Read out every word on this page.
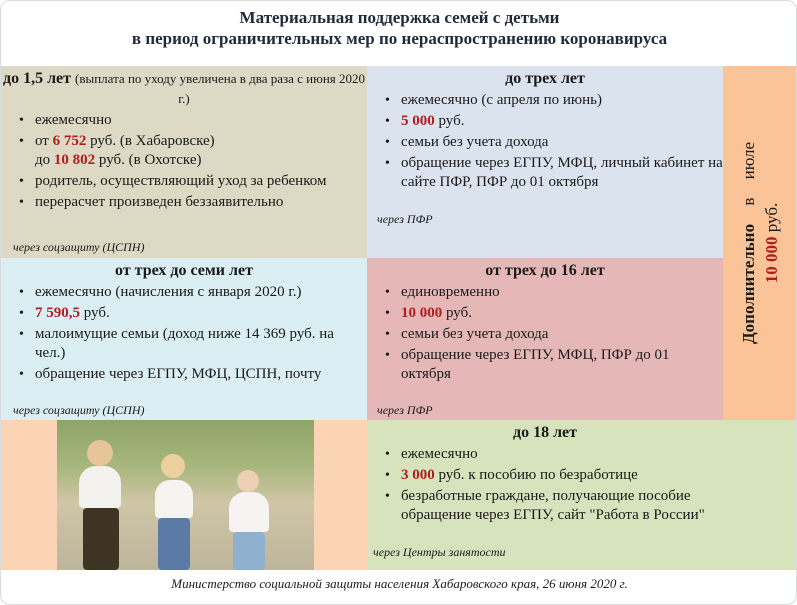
Материальная поддержка семей с детьми
в период ограничительных мер по нераспространению коронавируса
до 1,5 лет (выплата по уходу увеличена в два раза с июня 2020 г.)
• ежемесячно
• от 6 752 руб. (в Хабаровске)
до 10 802 руб. (в Охотске)
• родитель, осуществляющий уход за ребенком
• перерасчет произведен беззаявительно
через соцзащиту (ЦСПН)
до трех лет
• ежемесячно (с апреля по июнь)
• 5 000 руб.
• семьи без учета дохода
• обращение через ЕГПУ, МФЦ, личный кабинет на сайте ПФР, ПФР до 01 октября
через ПФР
от трех до семи лет
• ежемесячно (начисления с января 2020 г.)
• 7 590,5 руб.
• малоимущие семьи (доход ниже 14 369 руб. на чел.)
• обращение через ЕГПУ, МФЦ, ЦСПН, почту
через соцзащиту (ЦСПН)
от трех до 16 лет
• единовременно
• 10 000 руб.
• семьи без учета дохода
• обращение через ЕГПУ, МФЦ, ПФР до 01 октября
через ПФР
Дополнительно в июле
10 000 руб.
до 18 лет
• ежемесячно
• 3 000 руб. к пособию по безработице
• безработные граждане, получающие пособие обращение через ЕГПУ, сайт "Работа в России"
через Центры занятости
Министерство социальной защиты населения Хабаровского края, 26 июня 2020 г.
